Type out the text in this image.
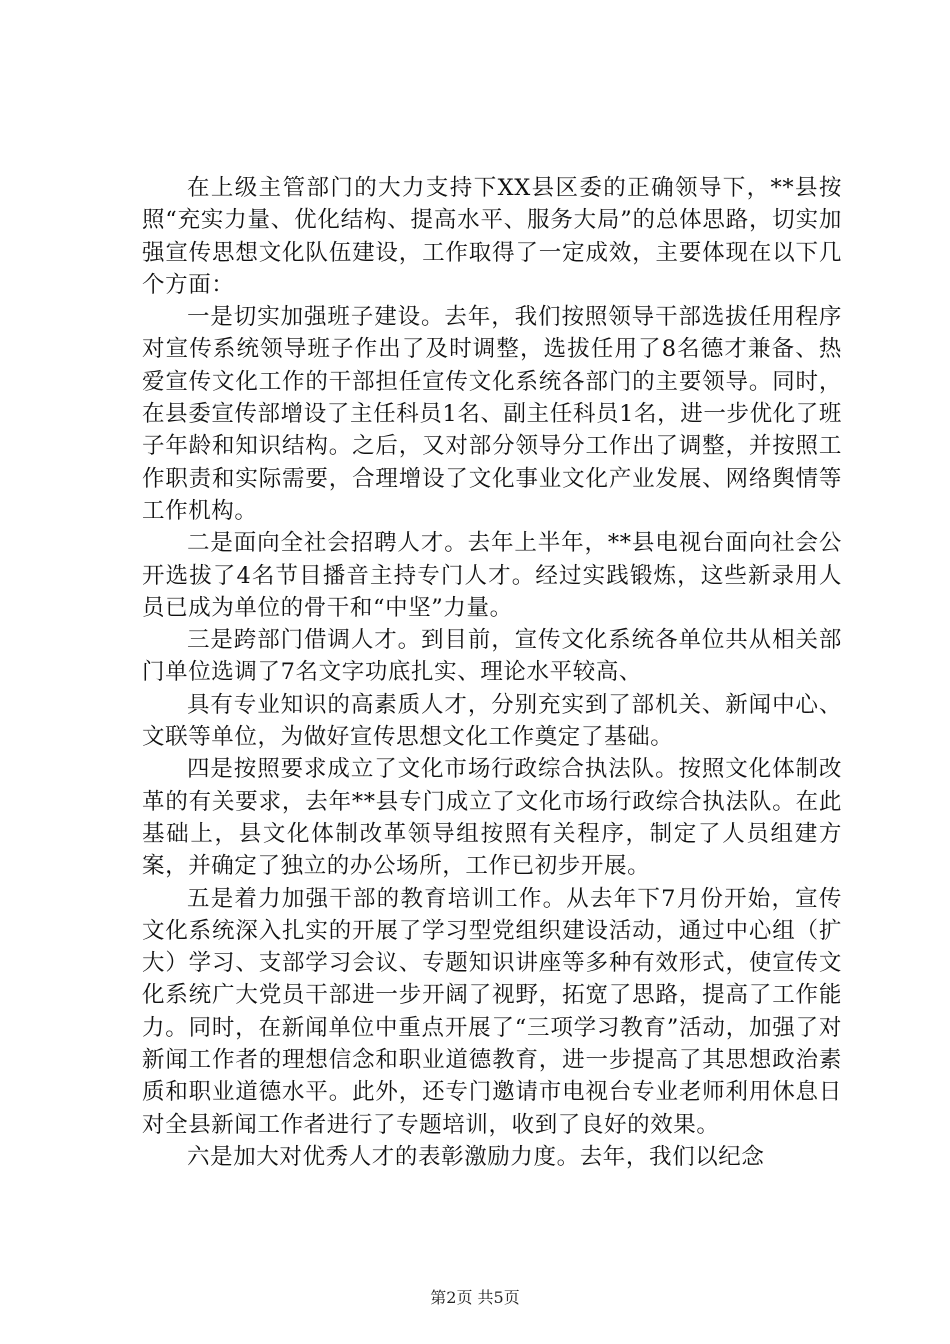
在上级主管部门的大力支持下XX县区委的正确领导下，**县按照“充实力量、优化结构、提高水平、服务大局”的总体思路，切实加强宣传思想文化队伍建设，工作取得了一定成效，主要体现在以下几个方面：

一是切实加强班子建设。去年，我们按照领导干部选拔任用程序对宣传系统领导班子作出了及时调整，选拔任用了8名德才兼备、热爱宣传文化工作的干部担任宣传文化系统各部门的主要领导。同时，在县委宣传部增设了主任科员1名、副主任科员1名，进一步优化了班子年龄和知识结构。之后，又对部分领导分工作出了调整，并按照工作职责和实际需要，合理增设了文化事业文化产业发展、网络舆情等工作机构。

二是面向全社会招聘人才。去年上半年，**县电视台面向社会公开选拔了4名节目播音主持专门人才。经过实践锻炼，这些新录用人员已成为单位的骨干和“中坚”力量。

三是跨部门借调人才。到目前，宣传文化系统各单位共从相关部门单位选调了7名文字功底扎实、理论水平较高、

具有专业知识的高素质人才，分别充实到了部机关、新闻中心、文联等单位，为做好宣传思想文化工作奠定了基础。

四是按照要求成立了文化市场行政综合执法队。按照文化体制改革的有关要求，去年**县专门成立了文化市场行政综合执法队。在此基础上，县文化体制改革领导组按照有关程序，制定了人员组建方案，并确定了独立的办公场所，工作已初步开展。

五是着力加强干部的教育培训工作。从去年下7月份开始，宣传文化系统深入扎实的开展了学习型党组织建设活动，通过中心组（扩大）学习、支部学习会议、专题知识讲座等多种有效形式，使宣传文化系统广大党员干部进一步开阔了视野，拓宽了思路，提高了工作能力。同时，在新闻单位中重点开展了“三项学习教育”活动，加强了对新闻工作者的理想信念和职业道德教育，进一步提高了其思想政治素质和职业道德水平。此外，还专门邀请市电视台专业老师利用休息日对全县新闻工作者进行了专题培训，收到了良好的效果。

六是加大对优秀人才的表彰激励力度。去年，我们以纪念

第2页 共5页
